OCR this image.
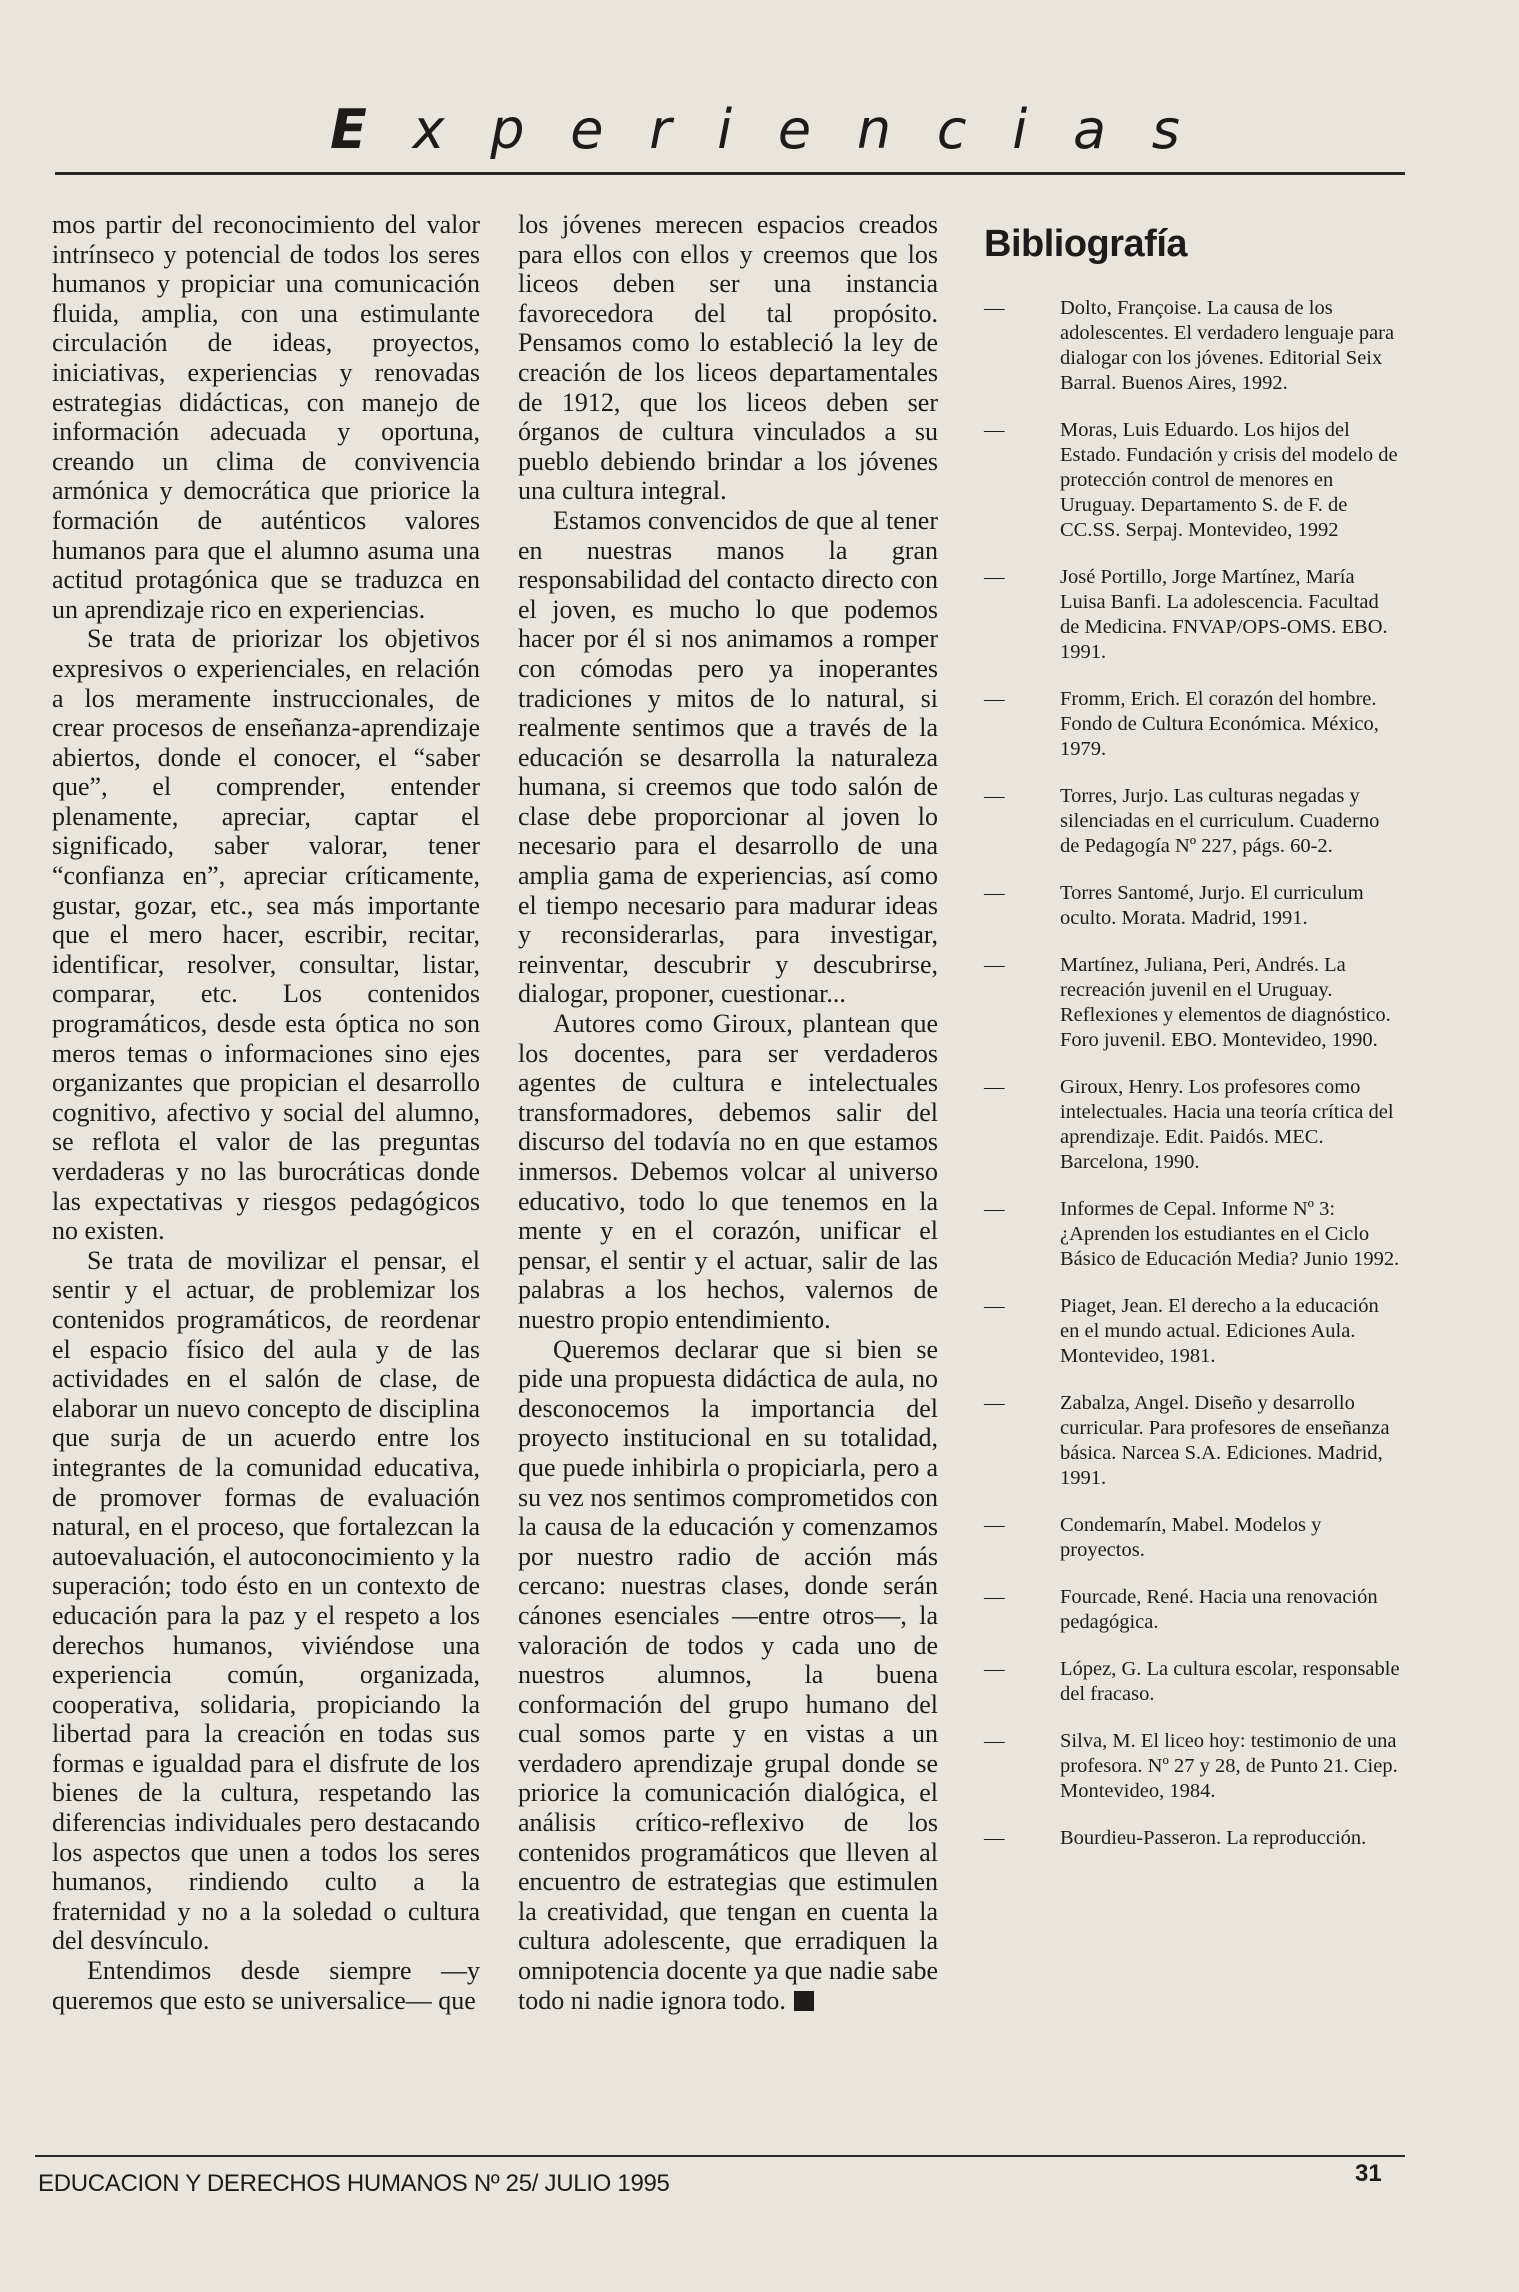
E x p e r i e n c i a s

mos partir del reconocimiento del valor intrínseco y potencial de todos los seres humanos y propiciar una comunicación fluida, amplia, con una estimulante circulación de ideas, proyectos, iniciativas, experiencias y renovadas estrategias didácticas, con manejo de información adecuada y oportuna, creando un clima de convivencia armónica y democrática que priorice la formación de auténticos valores humanos para que el alumno asuma una actitud protagónica que se traduzca en un aprendizaje rico en experiencias.

Se trata de priorizar los objetivos expresivos o experienciales, en relación a los meramente instruccionales, de crear procesos de enseñanza-aprendizaje abiertos, donde el conocer, el “saber que”, el comprender, entender plenamente, apreciar, captar el significado, saber valorar, tener “confianza en”, apreciar críticamente, gustar, gozar, etc., sea más importante que el mero hacer, escribir, recitar, identificar, resolver, consultar, listar, comparar, etc. Los contenidos programáticos, desde esta óptica no son meros temas o informaciones sino ejes organizantes que propician el desarrollo cognitivo, afectivo y social del alumno, se reflota el valor de las preguntas verdaderas y no las burocráticas donde las expectativas y riesgos pedagógicos no existen.

Se trata de movilizar el pensar, el sentir y el actuar, de problemizar los contenidos programáticos, de reordenar el espacio físico del aula y de las actividades en el salón de clase, de elaborar un nuevo concepto de disciplina que surja de un acuerdo entre los integrantes de la comunidad educativa, de promover formas de evaluación natural, en el proceso, que fortalezcan la autoevaluación, el autoconocimiento y la superación; todo ésto en un contexto de educación para la paz y el respeto a los derechos humanos, viviéndose una experiencia común, organizada, cooperativa, solidaria, propiciando la libertad para la creación en todas sus formas e igualdad para el disfrute de los bienes de la cultura, respetando las diferencias individuales pero destacando los aspectos que unen a todos los seres humanos, rindiendo culto a la fraternidad y no a la soledad o cultura del desvínculo.

Entendimos desde siempre —y queremos que esto se universalice— que

los jóvenes merecen espacios creados para ellos con ellos y creemos que los liceos deben ser una instancia favorecedora del tal propósito. Pensamos como lo estableció la ley de creación de los liceos departamentales de 1912, que los liceos deben ser órganos de cultura vinculados a su pueblo debiendo brindar a los jóvenes una cultura integral.

Estamos convencidos de que al tener en nuestras manos la gran responsabilidad del contacto directo con el joven, es mucho lo que podemos hacer por él si nos animamos a romper con cómodas pero ya inoperantes tradiciones y mitos de lo natural, si realmente sentimos que a través de la educación se desarrolla la naturaleza humana, si creemos que todo salón de clase debe proporcionar al joven lo necesario para el desarrollo de una amplia gama de experiencias, así como el tiempo necesario para madurar ideas y reconsiderarlas, para investigar, reinventar, descubrir y descubrirse, dialogar, proponer, cuestionar...

Autores como Giroux, plantean que los docentes, para ser verdaderos agentes de cultura e intelectuales transformadores, debemos salir del discurso del todavía no en que estamos inmersos. Debemos volcar al universo educativo, todo lo que tenemos en la mente y en el corazón, unificar el pensar, el sentir y el actuar, salir de las palabras a los hechos, valernos de nuestro propio entendimiento.

Queremos declarar que si bien se pide una propuesta didáctica de aula, no desconocemos la importancia del proyecto institucional en su totalidad, que puede inhibirla o propiciarla, pero a su vez nos sentimos comprometidos con la causa de la educación y comenzamos por nuestro radio de acción más cercano: nuestras clases, donde serán cánones esenciales —entre otros—, la valoración de todos y cada uno de nuestros alumnos, la buena conformación del grupo humano del cual somos parte y en vistas a un verdadero aprendizaje grupal donde se priorice la comunicación dialógica, el análisis crítico-reflexivo de los contenidos programáticos que lleven al encuentro de estrategias que estimulen la creatividad, que tengan en cuenta la cultura adolescente, que erradiquen la omnipotencia docente ya que nadie sabe todo ni nadie ignora todo.

Bibliografía
—	Dolto, Françoise. La causa de los adolescentes. El verdadero lenguaje para dialogar con los jóvenes. Editorial Seix Barral. Buenos Aires, 1992.
—	Moras, Luis Eduardo. Los hijos del Estado. Fundación y crisis del modelo de protección control de menores en Uruguay. Departamento S. de F. de CC.SS. Serpaj. Montevideo, 1992
—	José Portillo, Jorge Martínez, María Luisa Banfi. La adolescencia. Facultad de Medicina. FNVAP/OPS-OMS. EBO. 1991.
—	Fromm, Erich. El corazón del hombre. Fondo de Cultura Económica. México, 1979.
—	Torres, Jurjo. Las culturas negadas y silenciadas en el curriculum. Cuaderno de Pedagogía Nº 227, págs. 60-2.
—	Torres Santomé, Jurjo. El curriculum oculto. Morata. Madrid, 1991.
—	Martínez, Juliana, Peri, Andrés. La recreación juvenil en el Uruguay. Reflexiones y elementos de diagnóstico. Foro juvenil. EBO. Montevideo, 1990.
—	Giroux, Henry. Los profesores como intelectuales. Hacia una teoría crítica del aprendizaje. Edit. Paidós. MEC. Barcelona, 1990.
—	Informes de Cepal. Informe Nº 3: ¿Aprenden los estudiantes en el Ciclo Básico de Educación Media? Junio 1992.
—	Piaget, Jean. El derecho a la educación en el mundo actual. Ediciones Aula. Montevideo, 1981.
—	Zabalza, Angel. Diseño y desarrollo curricular. Para profesores de enseñanza básica. Narcea S.A. Ediciones. Madrid, 1991.
—	Condemarín, Mabel. Modelos y proyectos.
—	Fourcade, René. Hacia una renovación pedagógica.
—	López, G. La cultura escolar, responsable del fracaso.
—	Silva, M. El liceo hoy: testimonio de una profesora. Nº 27 y 28, de Punto 21. Ciep. Montevideo, 1984.
—	Bourdieu-Passeron. La reproducción.
EDUCACION Y DERECHOS HUMANOS Nº 25/ JULIO 1995	31
